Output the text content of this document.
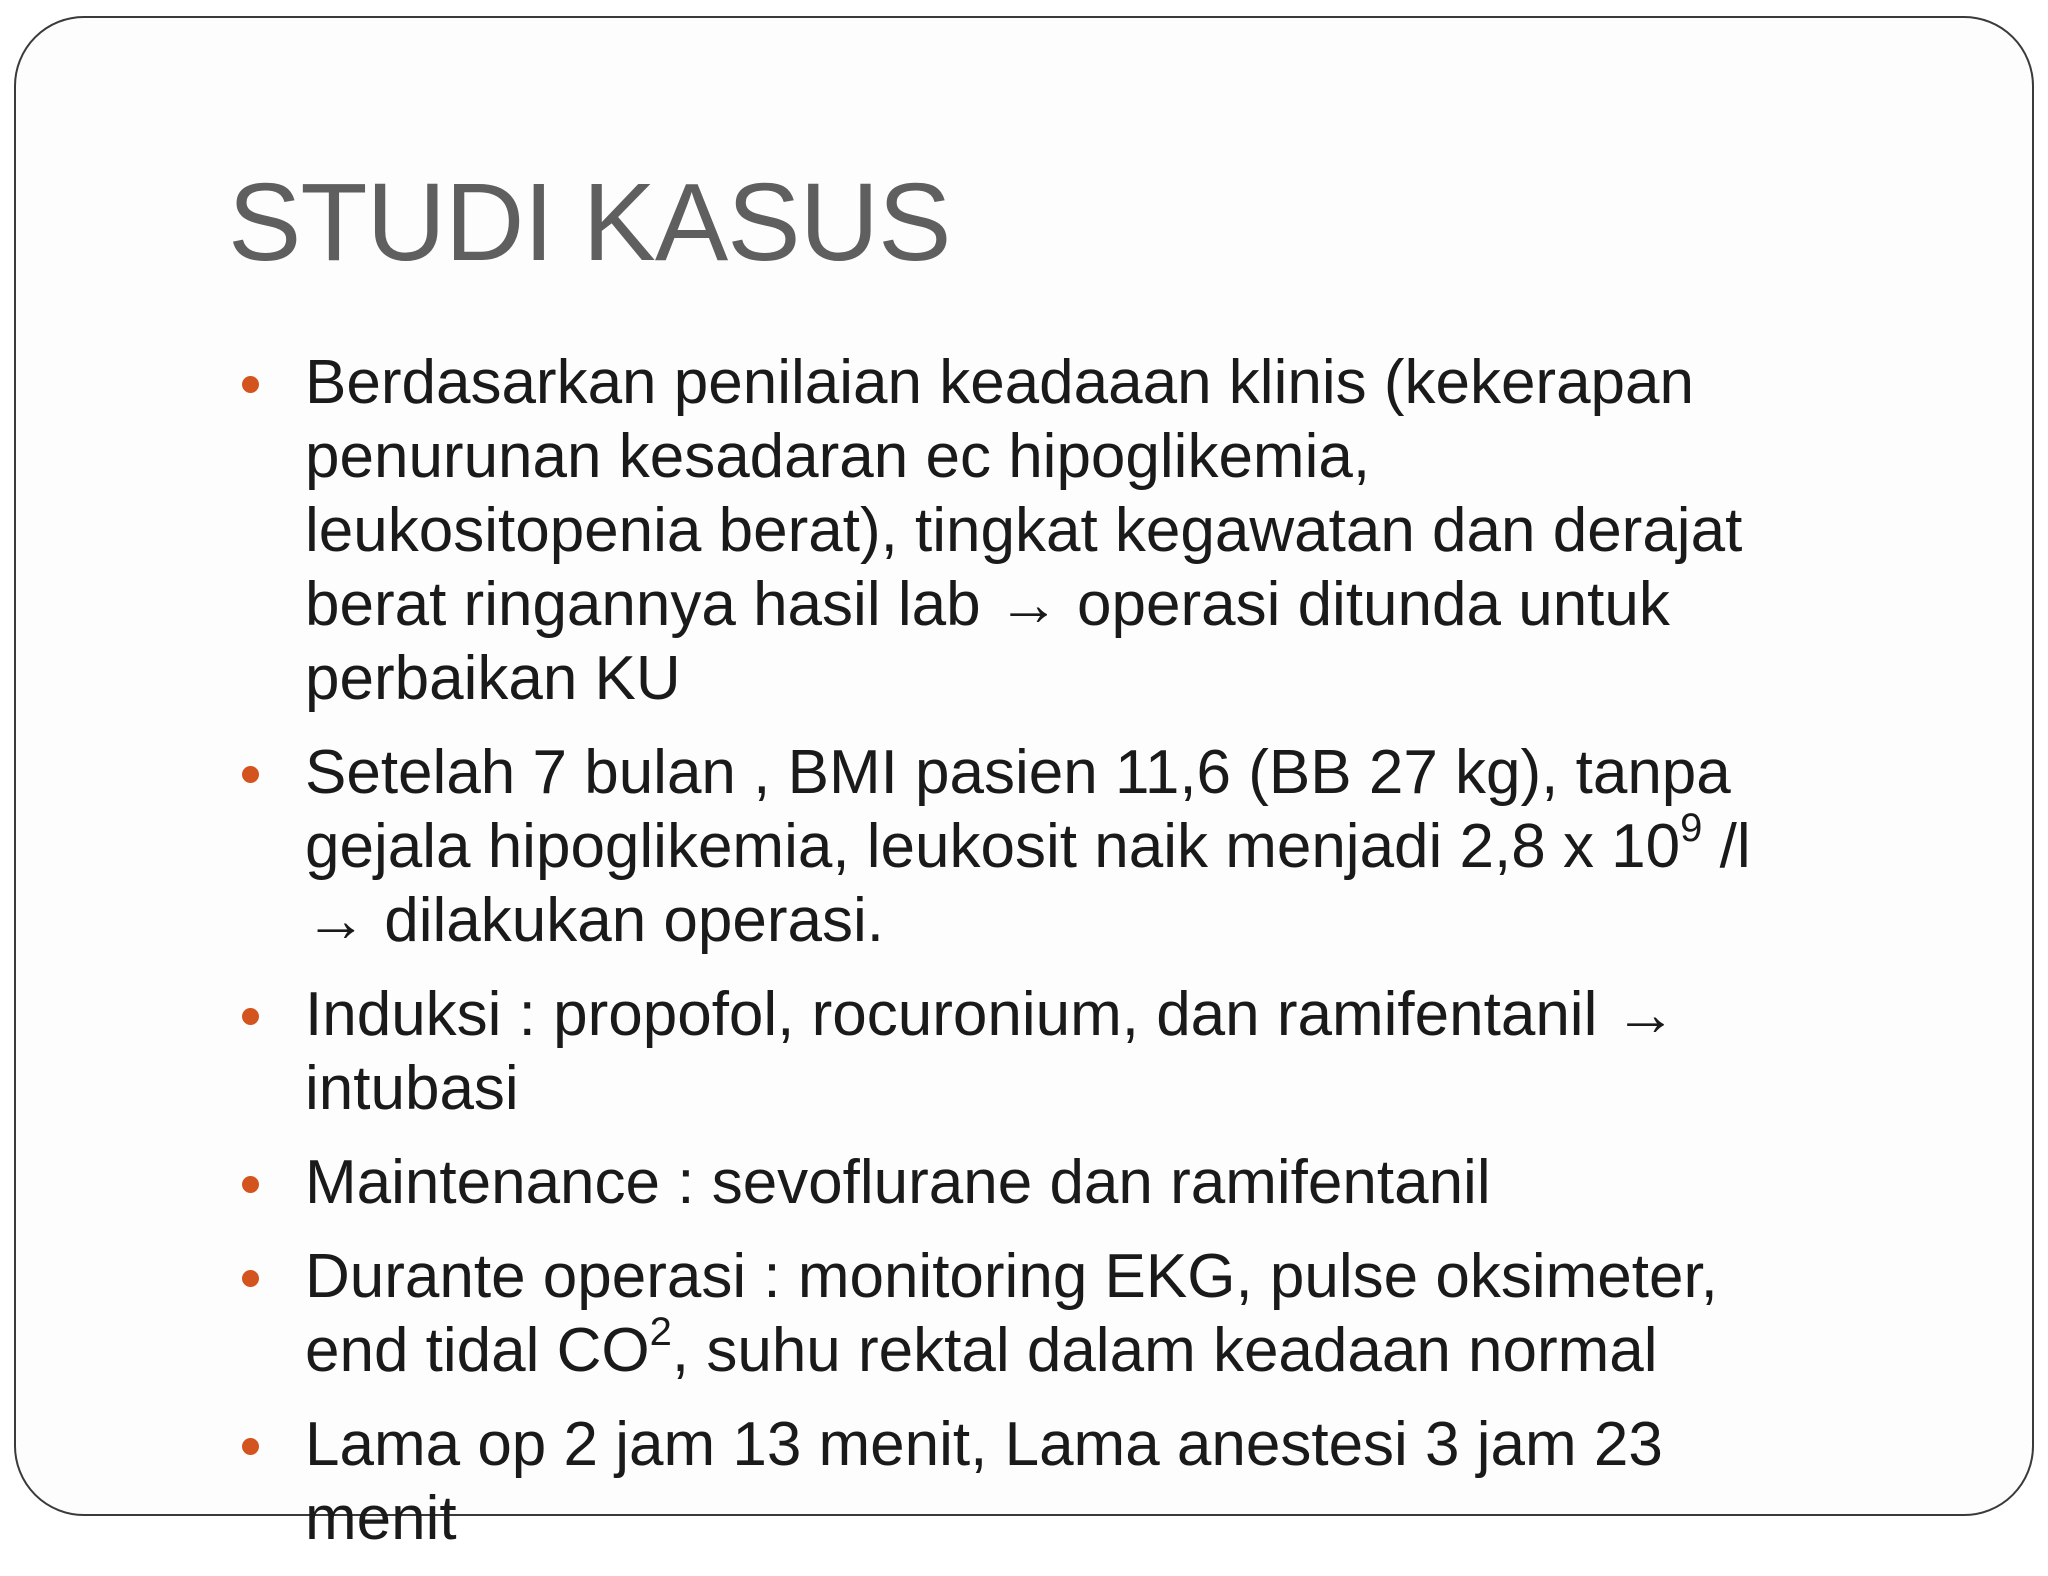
STUDI KASUS
Berdasarkan penilaian keadaaan klinis (kekerapan
penurunan kesadaran ec hipoglikemia,
leukositopenia berat), tingkat kegawatan dan derajat
berat ringannya hasil lab → operasi ditunda untuk
perbaikan KU
Setelah 7 bulan , BMI pasien 11,6 (BB 27 kg), tanpa
gejala hipoglikemia, leukosit naik menjadi 2,8 x $10^9$ /l
→ dilakukan operasi.
Induksi : propofol, rocuronium, dan ramifentanil →
intubasi
Maintenance : sevoflurane dan ramifentanil
Durante operasi : monitoring EKG, pulse oksimeter,
end tidal $CO^2$, suhu rektal dalam keadaan normal
Lama op 2 jam 13 menit, Lama anestesi 3 jam 23
menit
